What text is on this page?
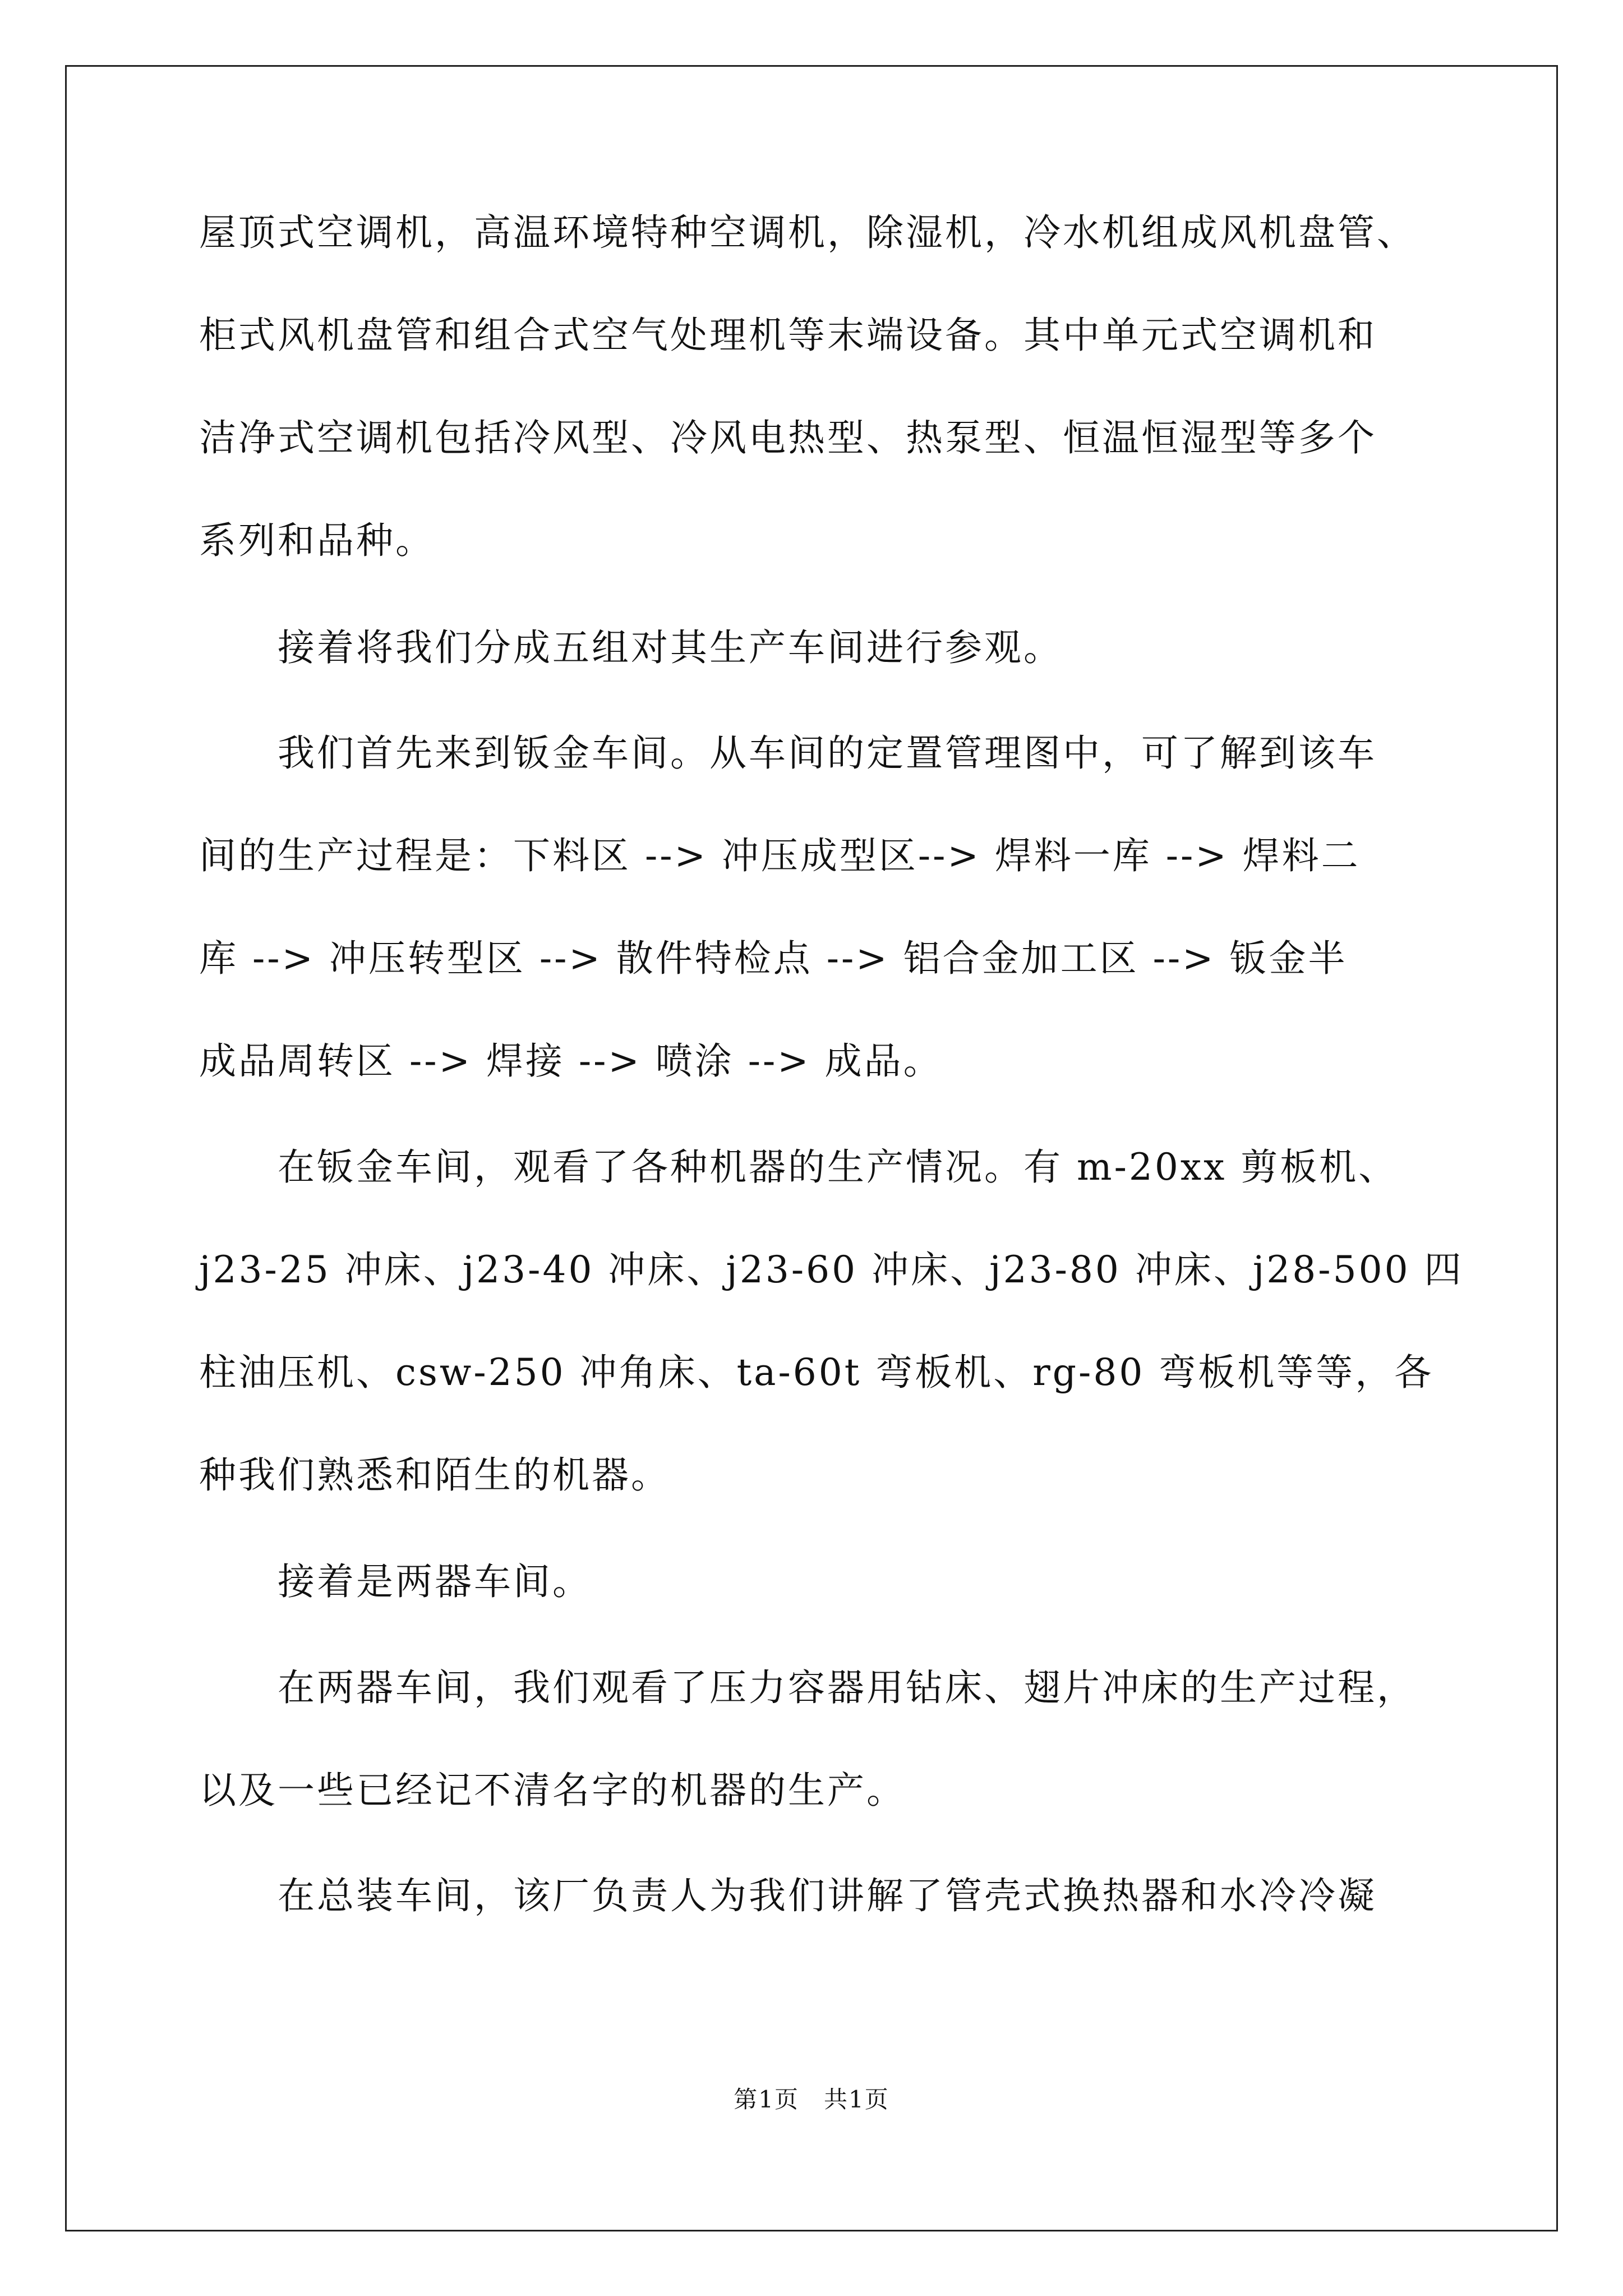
屋顶式空调机，高温环境特种空调机，除湿机，冷水机组成风机盘管、
柜式风机盘管和组合式空气处理机等末端设备。其中单元式空调机和
洁净式空调机包括冷风型、冷风电热型、热泵型、恒温恒湿型等多个
系列和品种。
　　接着将我们分成五组对其生产车间进行参观。
　　我们首先来到钣金车间。从车间的定置管理图中，可了解到该车
间的生产过程是：下料区 --> 冲压成型区--> 焊料一库 --> 焊料二
库 --> 冲压转型区 --> 散件特检点 --> 铝合金加工区 --> 钣金半
成品周转区 --> 焊接 --> 喷涂 --> 成品。
　　在钣金车间，观看了各种机器的生产情况。有 m-20xx 剪板机、
j23-25 冲床、j23-40 冲床、j23-60 冲床、j23-80 冲床、j28-500 四
柱油压机、csw-250 冲角床、ta-60t 弯板机、rg-80 弯板机等等，各
种我们熟悉和陌生的机器。
　　接着是两器车间。
　　在两器车间，我们观看了压力容器用钻床、翅片冲床的生产过程，
以及一些已经记不清名字的机器的生产。
　　在总装车间，该厂负责人为我们讲解了管壳式换热器和水冷冷凝
第1页　共1页
